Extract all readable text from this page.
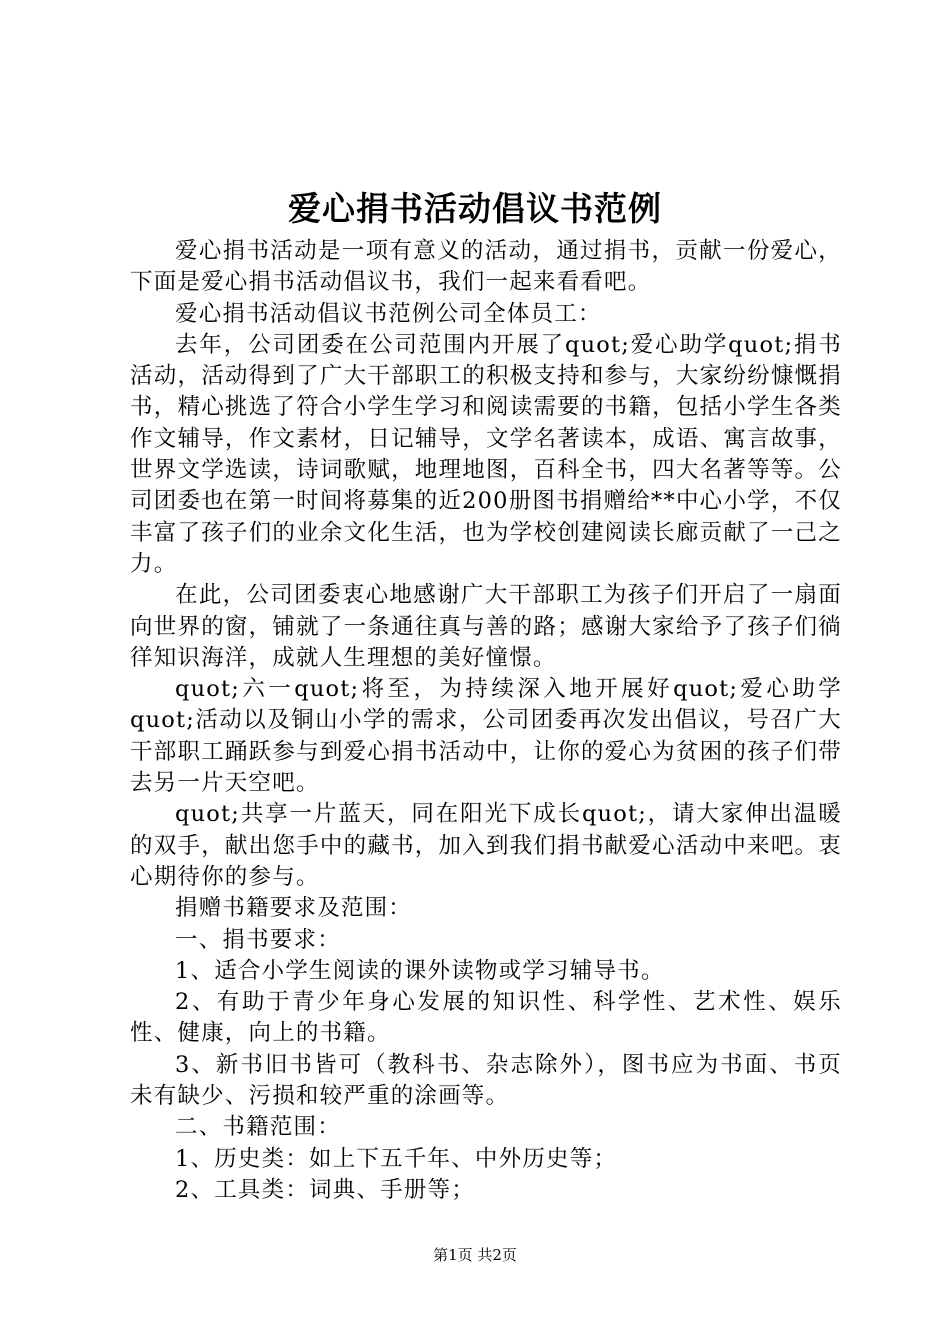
爱心捐书活动倡议书范例

爱心捐书活动是一项有意义的活动，通过捐书，贡献一份爱心，下面是爱心捐书活动倡议书，我们一起来看看吧。

爱心捐书活动倡议书范例公司全体员工：

去年，公司团委在公司范围内开展了quot;爱心助学quot;捐书活动，活动得到了广大干部职工的积极支持和参与，大家纷纷慷慨捐书，精心挑选了符合小学生学习和阅读需要的书籍，包括小学生各类作文辅导，作文素材，日记辅导，文学名著读本，成语、寓言故事，世界文学选读，诗词歌赋，地理地图，百科全书，四大名著等等。公司团委也在第一时间将募集的近200册图书捐赠给**中心小学，不仅丰富了孩子们的业余文化生活，也为学校创建阅读长廊贡献了一己之力。

在此，公司团委衷心地感谢广大干部职工为孩子们开启了一扇面向世界的窗，铺就了一条通往真与善的路；感谢大家给予了孩子们徜徉知识海洋，成就人生理想的美好憧憬。

quot;六一quot;将至，为持续深入地开展好quot;爱心助学quot;活动以及铜山小学的需求，公司团委再次发出倡议，号召广大干部职工踊跃参与到爱心捐书活动中，让你的爱心为贫困的孩子们带去另一片天空吧。

quot;共享一片蓝天，同在阳光下成长quot;，请大家伸出温暖的双手，献出您手中的藏书，加入到我们捐书献爱心活动中来吧。衷心期待你的参与。

捐赠书籍要求及范围：

一、捐书要求：

1、适合小学生阅读的课外读物或学习辅导书。

2、有助于青少年身心发展的知识性、科学性、艺术性、娱乐性、健康，向上的书籍。

3、新书旧书皆可（教科书、杂志除外），图书应为书面、书页未有缺少、污损和较严重的涂画等。

二、书籍范围：

1、历史类：如上下五千年、中外历史等；

2、工具类：词典、手册等；

第1页 共2页
